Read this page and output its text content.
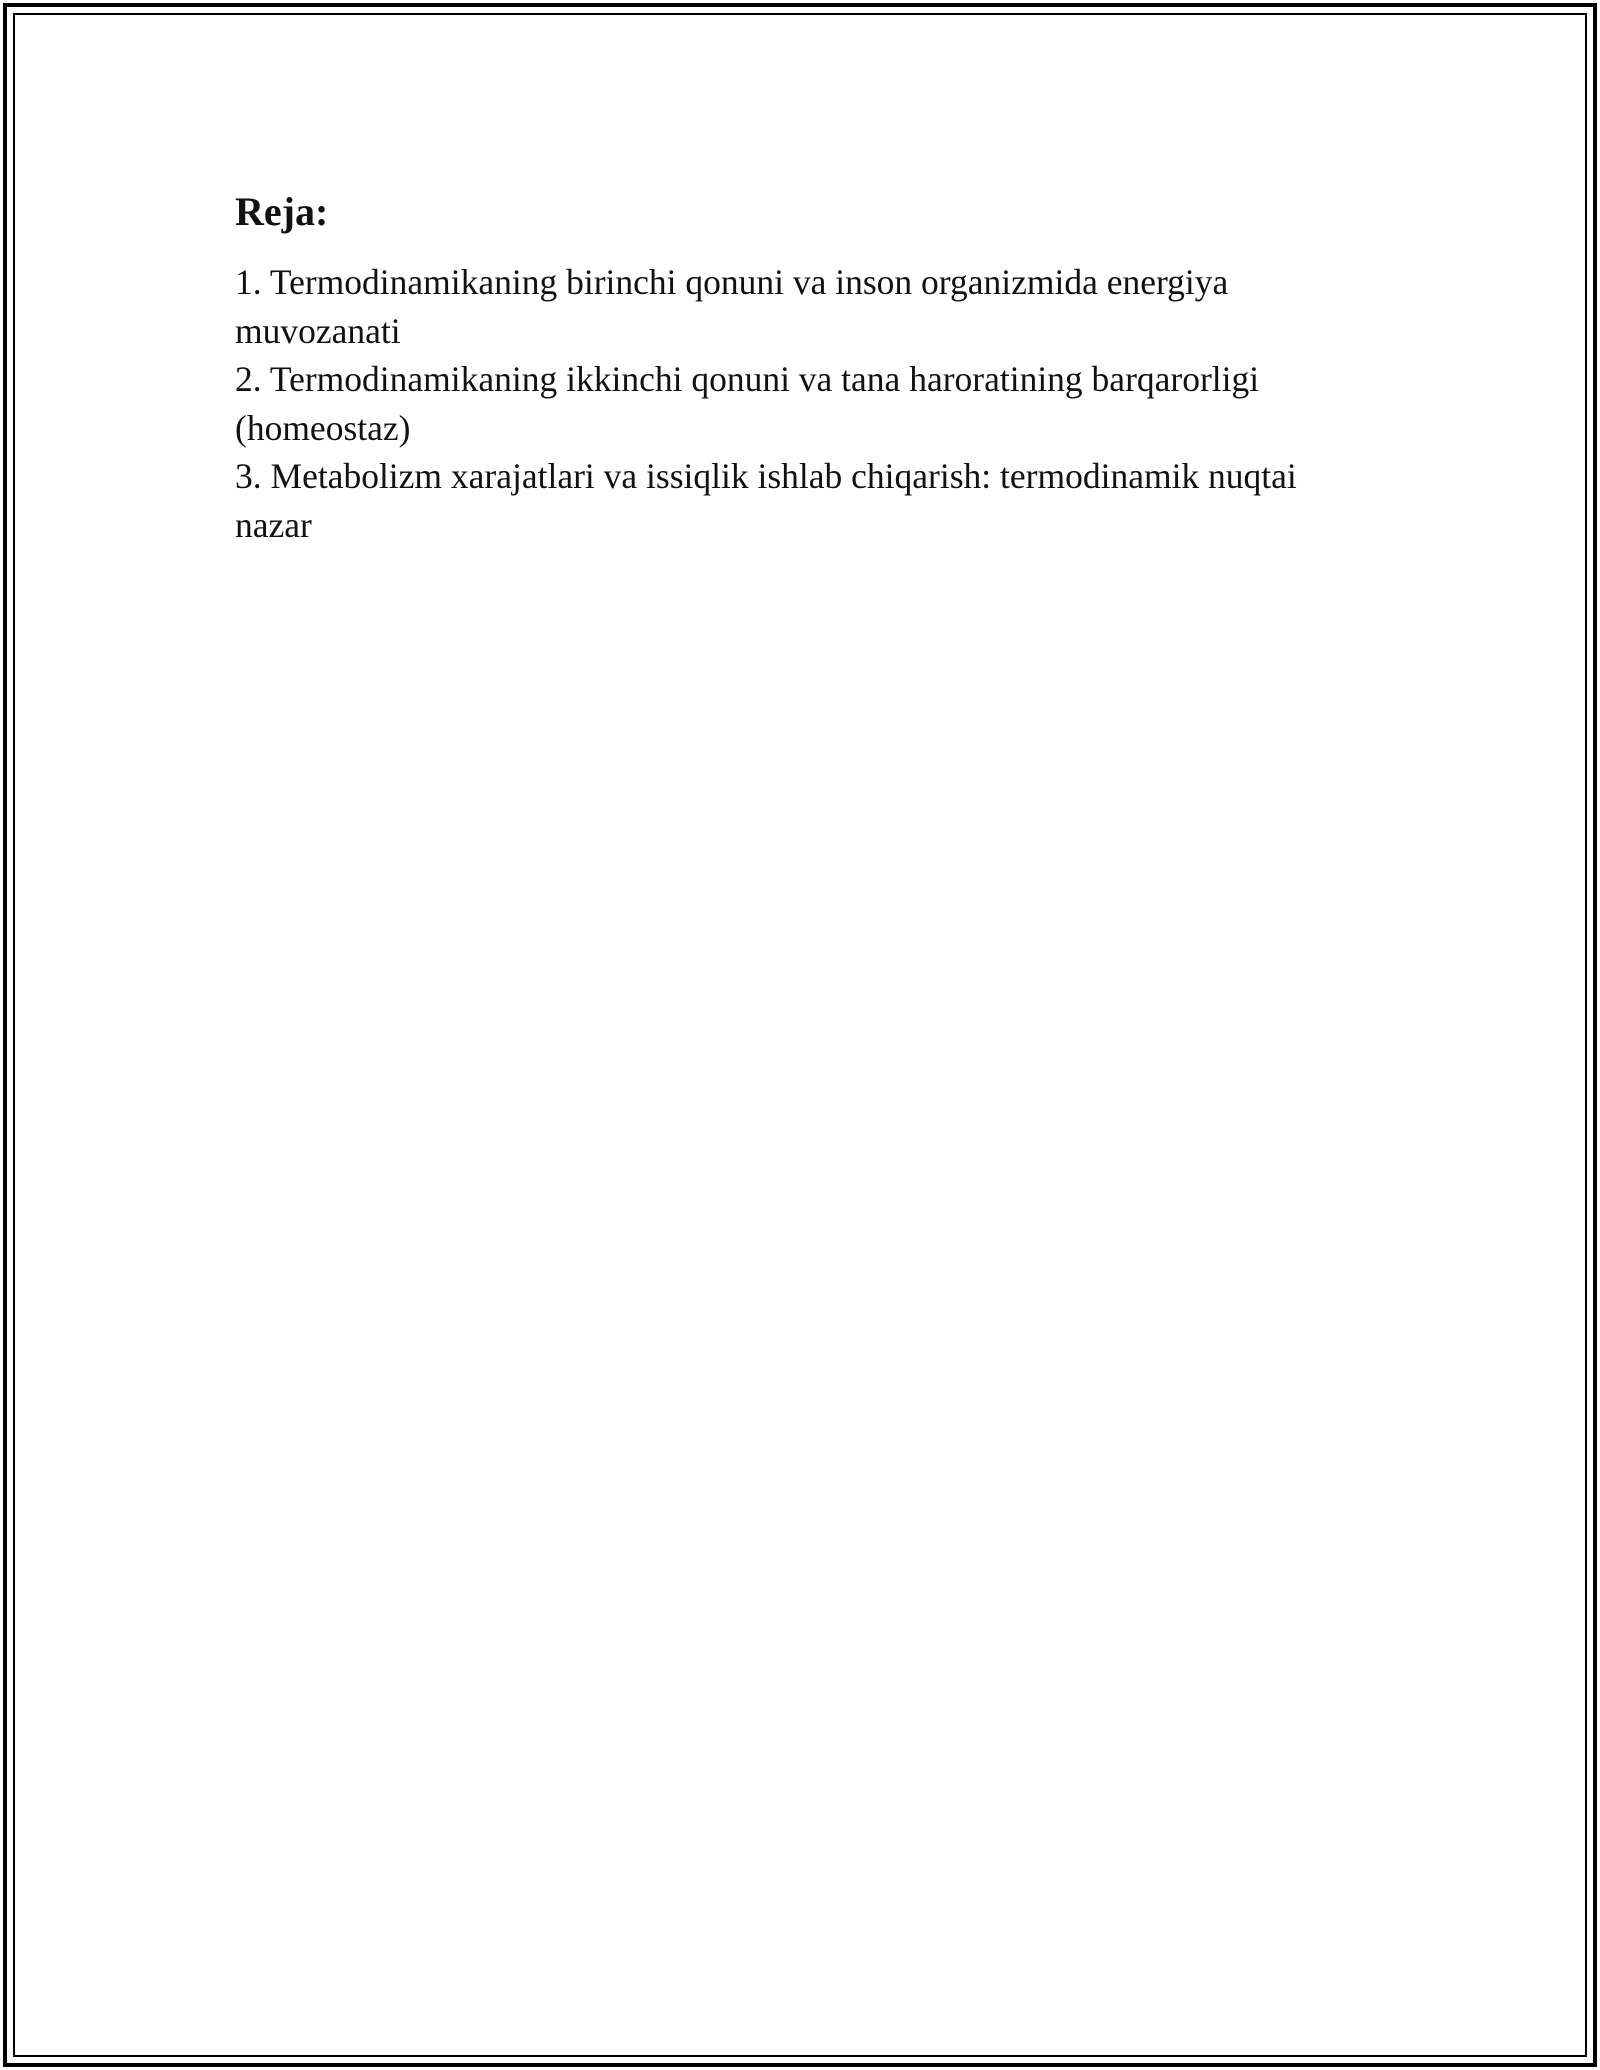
Reja:
1. Termodinamikaning birinchi qonuni va inson organizmida energiya muvozanati
2. Termodinamikaning ikkinchi qonuni va tana haroratining barqarorligi (homeostaz)
3. Metabolizm xarajatlari va issiqlik ishlab chiqarish: termodinamik nuqtai nazar
